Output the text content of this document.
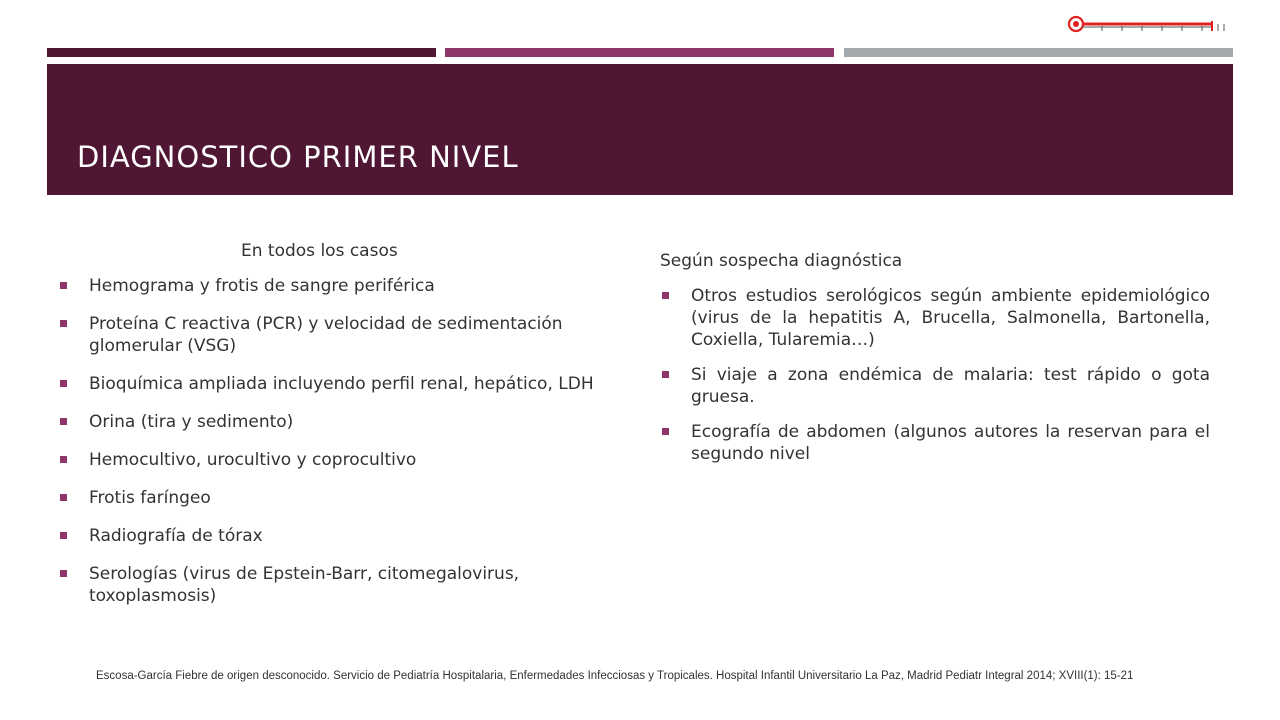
DIAGNOSTICO PRIMER NIVEL

En todos los casos

Hemograma y frotis de sangre periférica
Proteína C reactiva (PCR) y velocidad de sedimentación glomerular (VSG)
Bioquímica ampliada incluyendo perfil renal, hepático, LDH
Orina (tira y sedimento)
Hemocultivo, urocultivo y coprocultivo
Frotis faríngeo
Radiografía de tórax
Serologías (virus de Epstein-Barr, citomegalovirus, toxoplasmosis)

Según sospecha diagnóstica

Otros estudios serológicos según ambiente epidemiológico (virus de la hepatitis A, Brucella, Salmonella, Bartonella, Coxiella, Tularemia…)
Si viaje a zona endémica de malaria: test rápido o gota gruesa.
Ecografía de abdomen (algunos autores la reservan para el segundo nivel

Escosa-García Fiebre de origen desconocido. Servicio de Pediatría Hospitalaria, Enfermedades Infecciosas y Tropicales. Hospital Infantil Universitario La Paz, Madrid Pediatr Integral 2014; XVIII(1): 15-21
